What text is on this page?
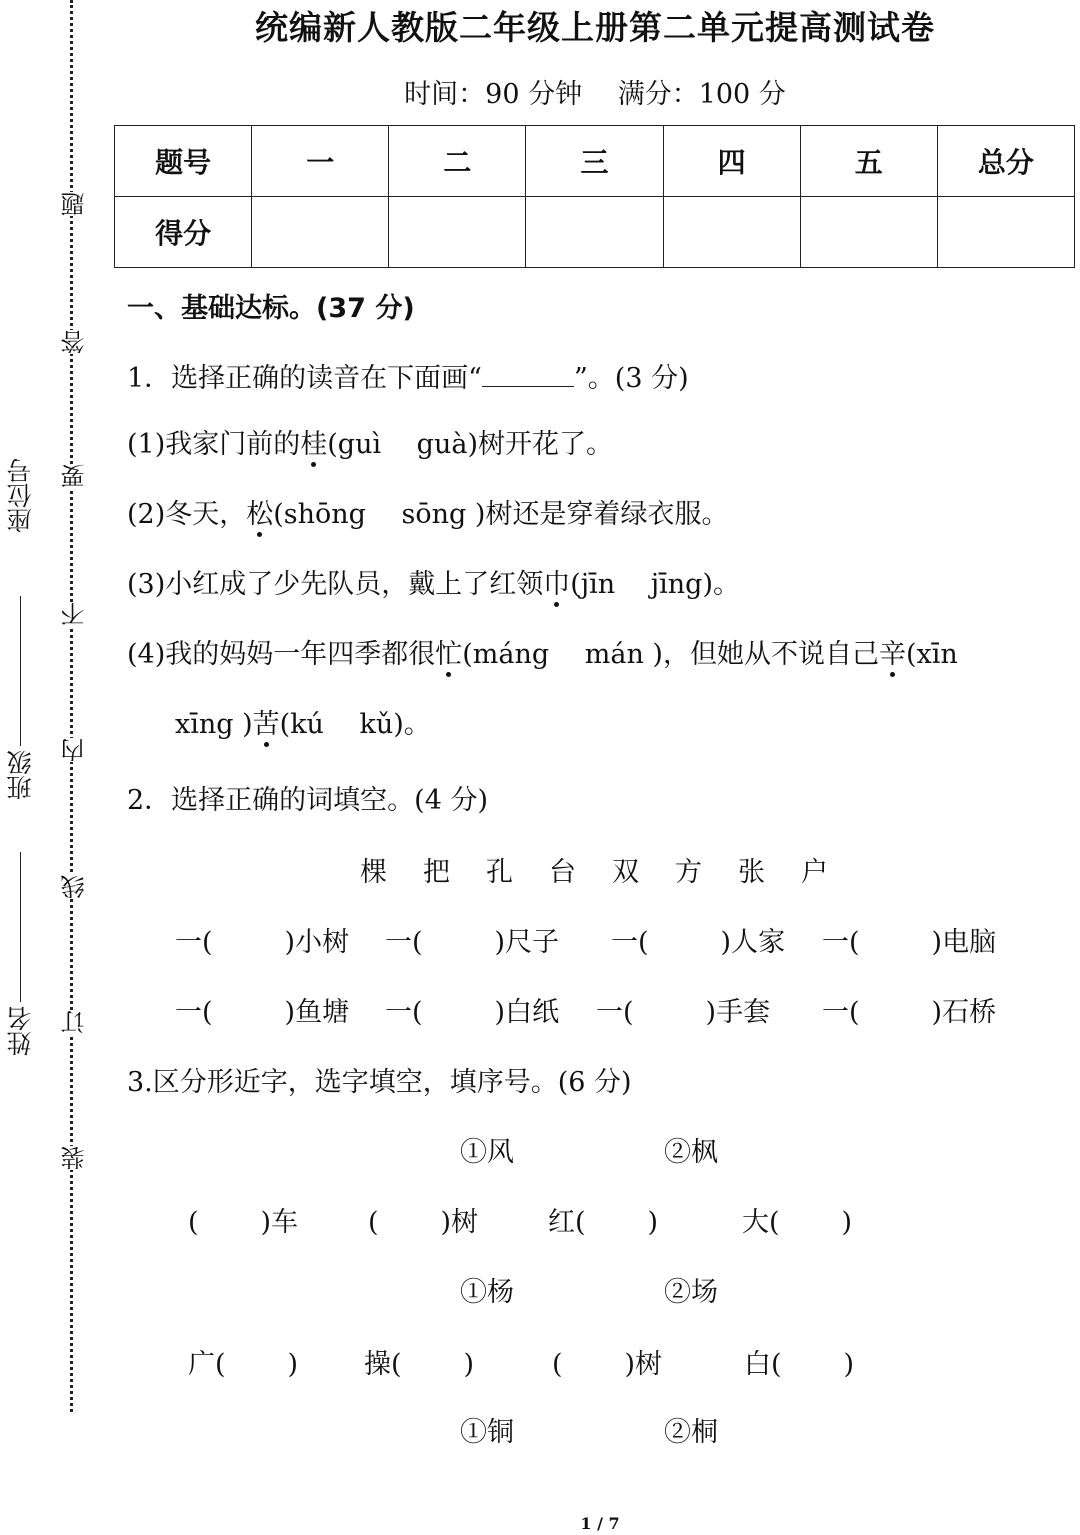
题
答
要
不
内
线
订
装
座位号
班级
姓名
统编新人教版二年级上册第二单元提高测试卷
时间：90 分钟　 满分：100 分
题号	一	二	三	四	五	总分
得分						
一、基础达标。(37 分)
1．选择正确的读音在下面画“	”。(3 分)
(1)我家门前的桂(guì　 guà)树开花了。
(2)冬天，松(shōng　 sōng )树还是穿着绿衣服。
(3)小红成了少先队员，戴上了红领巾(jīn　 jīng)。
(4)我的妈妈一年四季都很忙(máng　 mán )，但她从不说自己辛(xīn
xīng )苦(kú　 kǔ)。
2．选择正确的词填空。(4 分)
棵 把 孔 台 双 方 张 户
一(	)小树 一(	)尺子 一(	)人家 一(	)电脑
一(	)鱼塘 一(	)白纸 一(	)手套 一(	)石桥
3.区分形近字，选字填空，填序号。(6 分)
①风	②枫
( )车	( )树	红( )	大( )
①杨	②场
广( ) 操( )	( )树	白( )
①铜	②桐
1 / 7
